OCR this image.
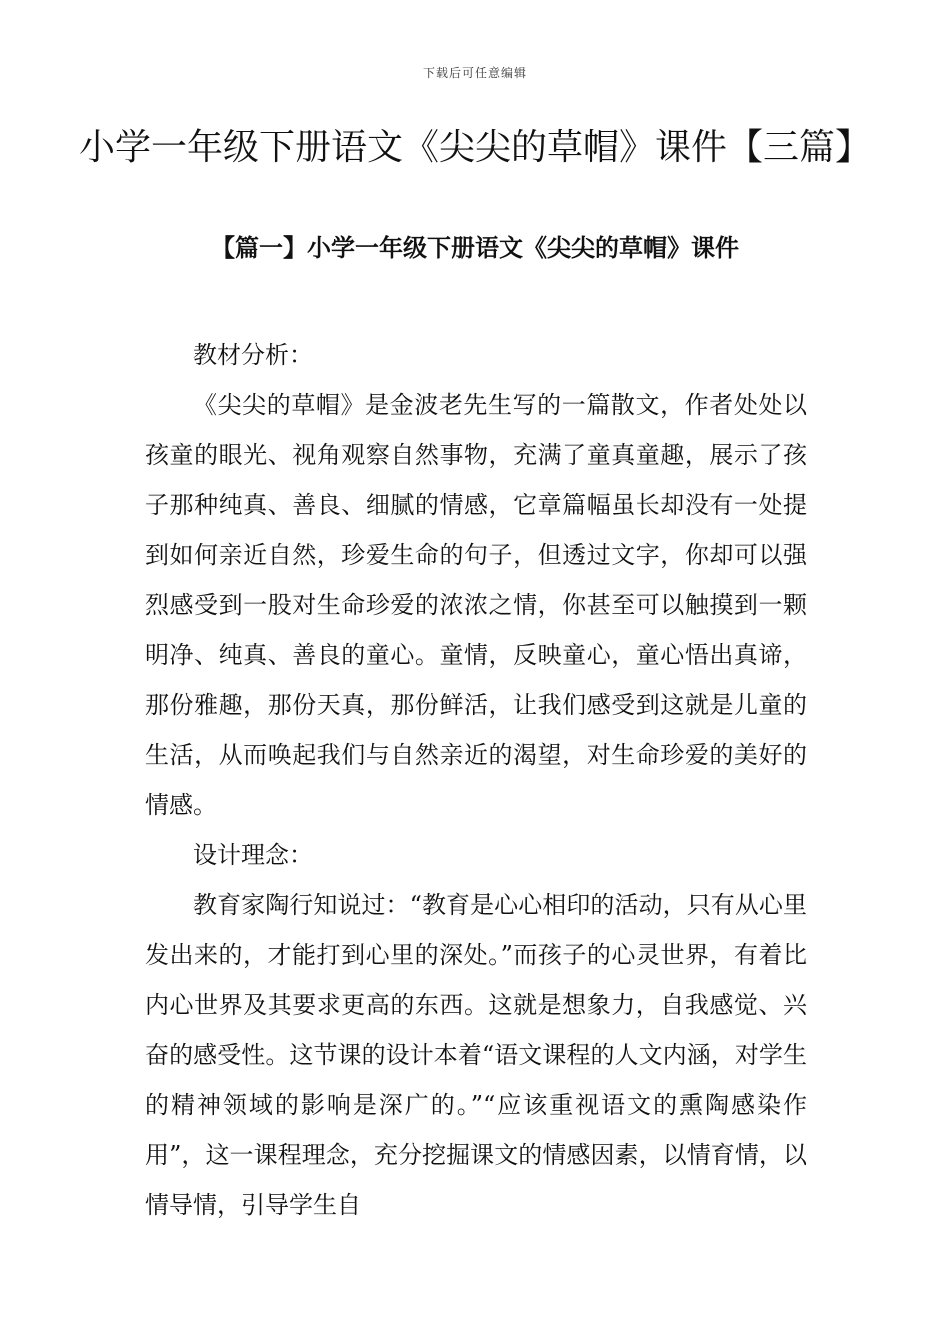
下载后可任意编辑
小学一年级下册语文《尖尖的草帽》课件【三篇】
【篇一】小学一年级下册语文《尖尖的草帽》课件

教材分析：

《尖尖的草帽》是金波老先生写的一篇散文，作者处处以孩童的眼光、视角观察自然事物，充满了童真童趣，展示了孩子那种纯真、善良、细腻的情感，它章篇幅虽长却没有一处提到如何亲近自然，珍爱生命的句子，但透过文字，你却可以强烈感受到一股对生命珍爱的浓浓之情，你甚至可以触摸到一颗明净、纯真、善良的童心。童情，反映童心，童心悟出真谛，那份雅趣，那份天真，那份鲜活，让我们感受到这就是儿童的生活，从而唤起我们与自然亲近的渴望，对生命珍爱的美好的情感。

设计理念：

教育家陶行知说过：“教育是心心相印的活动，只有从心里发出来的，才能打到心里的深处。”而孩子的心灵世界，有着比内心世界及其要求更高的东西。这就是想象力，自我感觉、兴奋的感受性。这节课的设计本着“语文课程的人文内涵，对学生的精神领域的影响是深广的。”“应该重视语文的熏陶感染作用”，这一课程理念，充分挖掘课文的情感因素，以情育情，以情导情，引导学生自
